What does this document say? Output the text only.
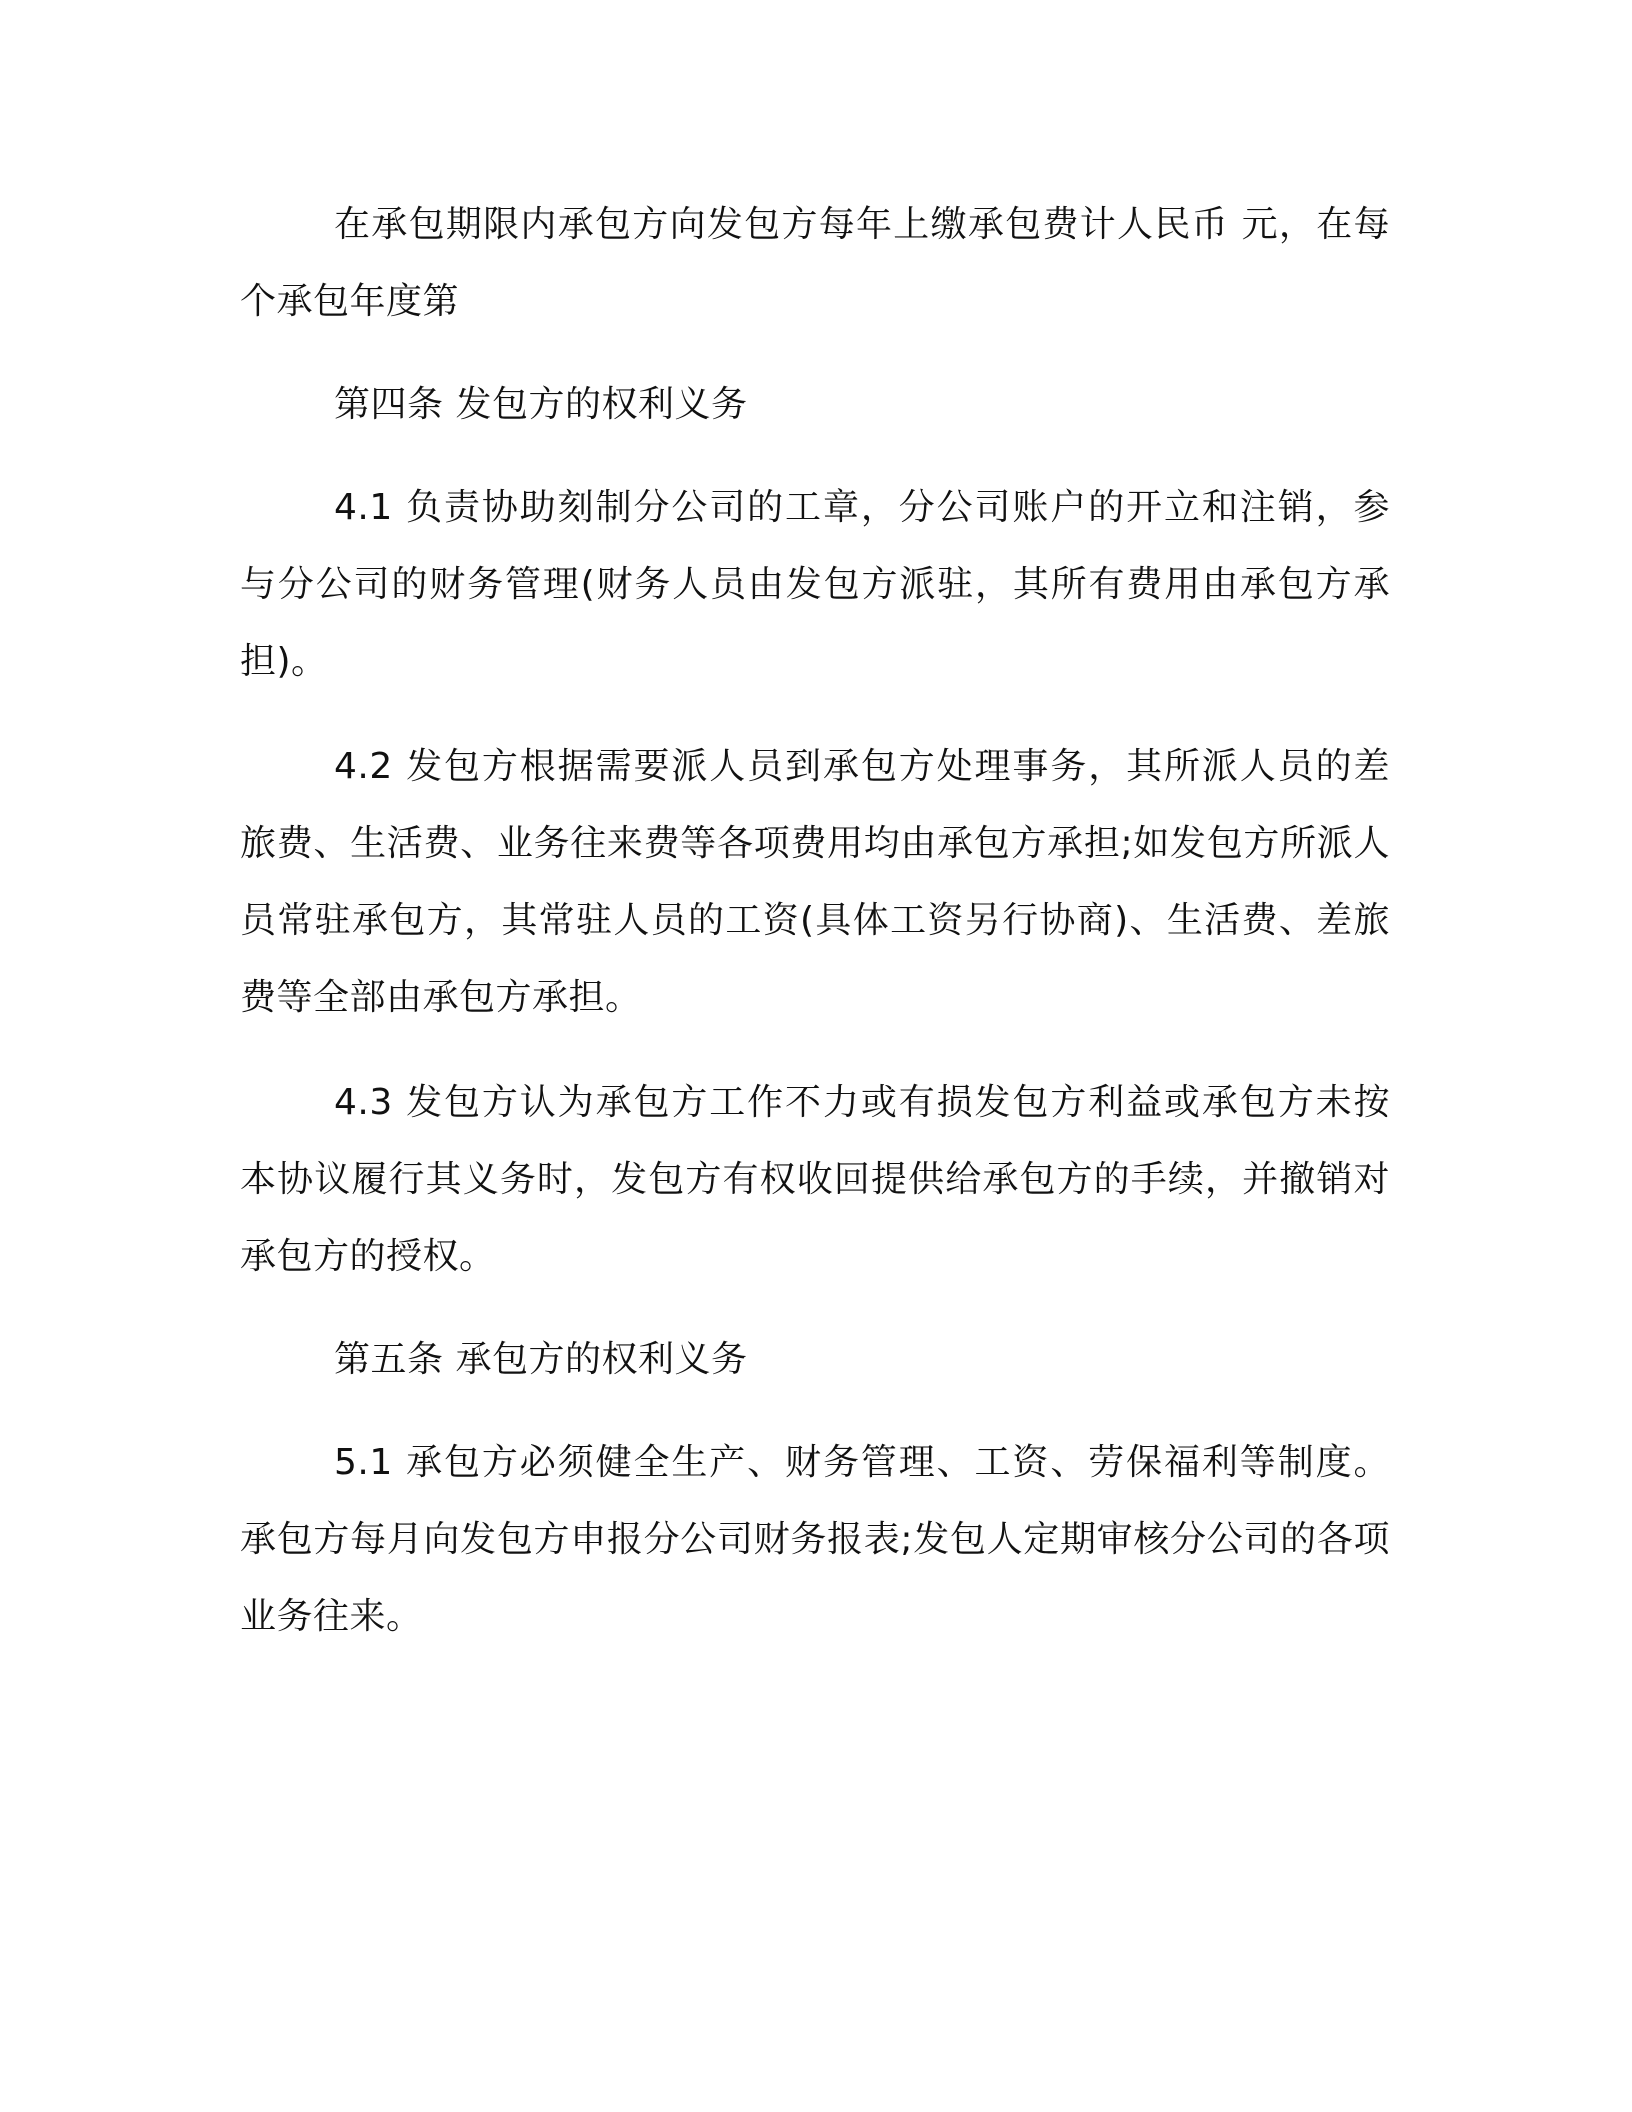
在承包期限内承包方向发包方每年上缴承包费计人民币 元，在每个承包年度第

第四条 发包方的权利义务

4.1 负责协助刻制分公司的工章，分公司账户的开立和注销，参与分公司的财务管理(财务人员由发包方派驻，其所有费用由承包方承担)。

4.2 发包方根据需要派人员到承包方处理事务，其所派人员的差旅费、生活费、业务往来费等各项费用均由承包方承担;如发包方所派人员常驻承包方，其常驻人员的工资(具体工资另行协商)、生活费、差旅费等全部由承包方承担。

4.3 发包方认为承包方工作不力或有损发包方利益或承包方未按本协议履行其义务时，发包方有权收回提供给承包方的手续，并撤销对承包方的授权。

第五条 承包方的权利义务

5.1 承包方必须健全生产、财务管理、工资、劳保福利等制度。承包方每月向发包方申报分公司财务报表;发包人定期审核分公司的各项业务往来。
